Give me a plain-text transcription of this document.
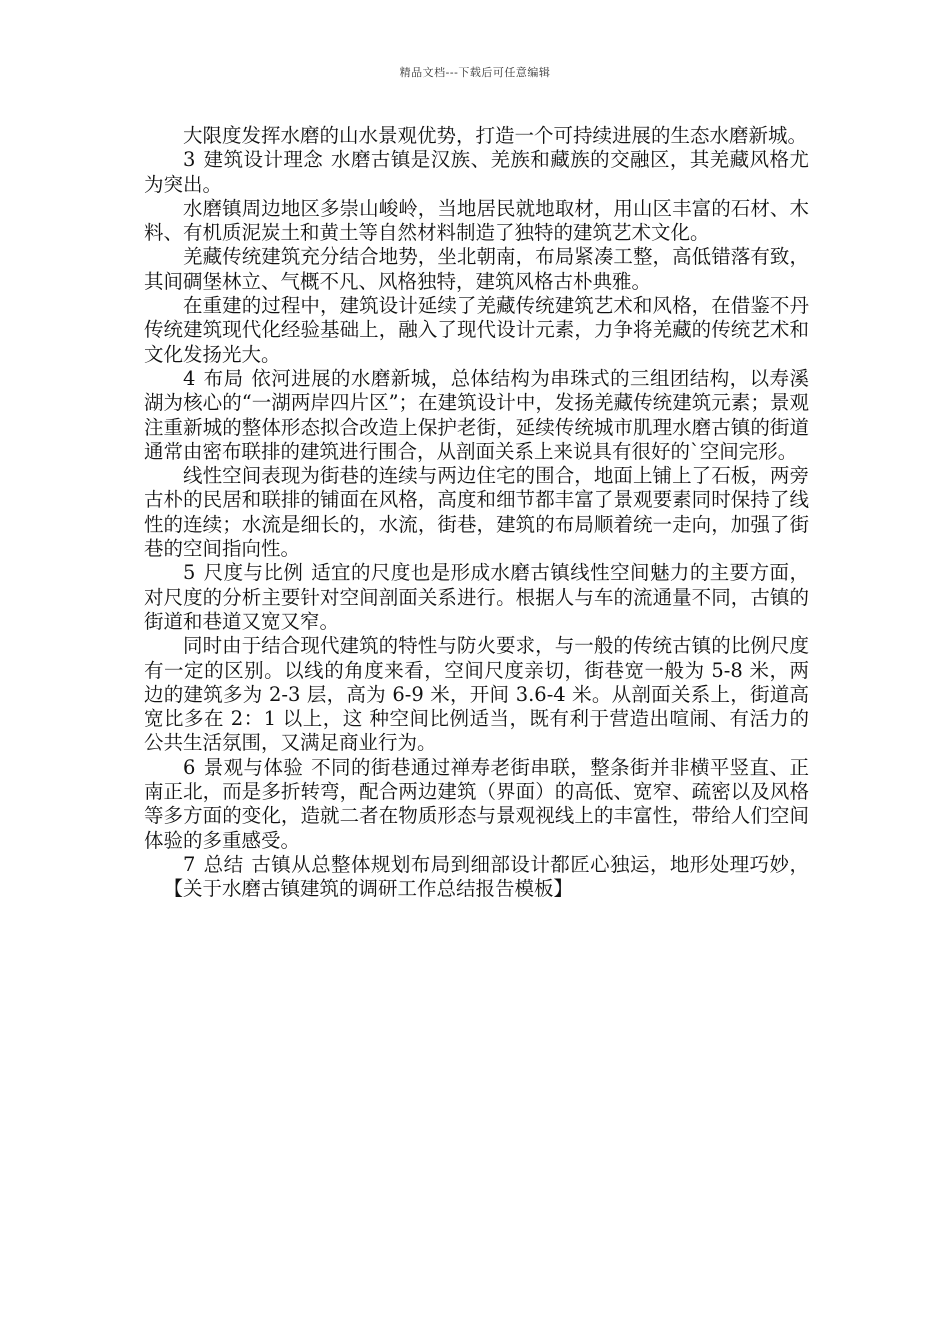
精品文档---下载后可任意编辑

大限度发挥水磨的山水景观优势，打造一个可持续进展的生态水磨新城。

3 建筑设计理念 水磨古镇是汉族、羌族和藏族的交融区，其羌藏风格尤为突出。

水磨镇周边地区多崇山峻岭，当地居民就地取材，用山区丰富的石材、木料、有机质泥炭土和黄土等自然材料制造了独特的建筑艺术文化。

羌藏传统建筑充分结合地势，坐北朝南，布局紧凑工整，高低错落有致，其间碉堡林立、气概不凡、风格独特，建筑风格古朴典雅。

在重建的过程中，建筑设计延续了羌藏传统建筑艺术和风格，在借鉴不丹传统建筑现代化经验基础上，融入了现代设计元素，力争将羌藏的传统艺术和文化发扬光大。

4 布局 依河进展的水磨新城，总体结构为串珠式的三组团结构，以寿溪湖为核心的“一湖两岸四片区”；在建筑设计中，发扬羌藏传统建筑元素；景观注重新城的整体形态拟合改造上保护老街，延续传统城市肌理水磨古镇的街道通常由密布联排的建筑进行围合，从剖面关系上来说具有很好的`空间完形。

线性空间表现为街巷的连续与两边住宅的围合，地面上铺上了石板，两旁古朴的民居和联排的铺面在风格，高度和细节都丰富了景观要素同时保持了线性的连续；水流是细长的，水流，街巷，建筑的布局顺着统一走向，加强了街巷的空间指向性。

5 尺度与比例 适宜的尺度也是形成水磨古镇线性空间魅力的主要方面，对尺度的分析主要针对空间剖面关系进行。根据人与车的流通量不同，古镇的街道和巷道又宽又窄。

同时由于结合现代建筑的特性与防火要求，与一般的传统古镇的比例尺度有一定的区别。以线的角度来看，空间尺度亲切，街巷宽一般为 5-8 米，两边的建筑多为 2-3 层，高为 6-9 米，开间 3.6-4 米。从剖面关系上，街道高宽比多在 2：1 以上，这 种空间比例适当，既有利于营造出喧闹、有活力的公共生活氛围，又满足商业行为。

6 景观与体验 不同的街巷通过禅寿老街串联，整条街并非横平竖直、正南正北，而是多折转弯，配合两边建筑（界面）的高低、宽窄、疏密以及风格等多方面的变化，造就二者在物质形态与景观视线上的丰富性，带给人们空间体验的多重感受。

7 总结 古镇从总整体规划布局到细部设计都匠心独运，地形处理巧妙，【关于水磨古镇建筑的调研工作总结报告模板】
